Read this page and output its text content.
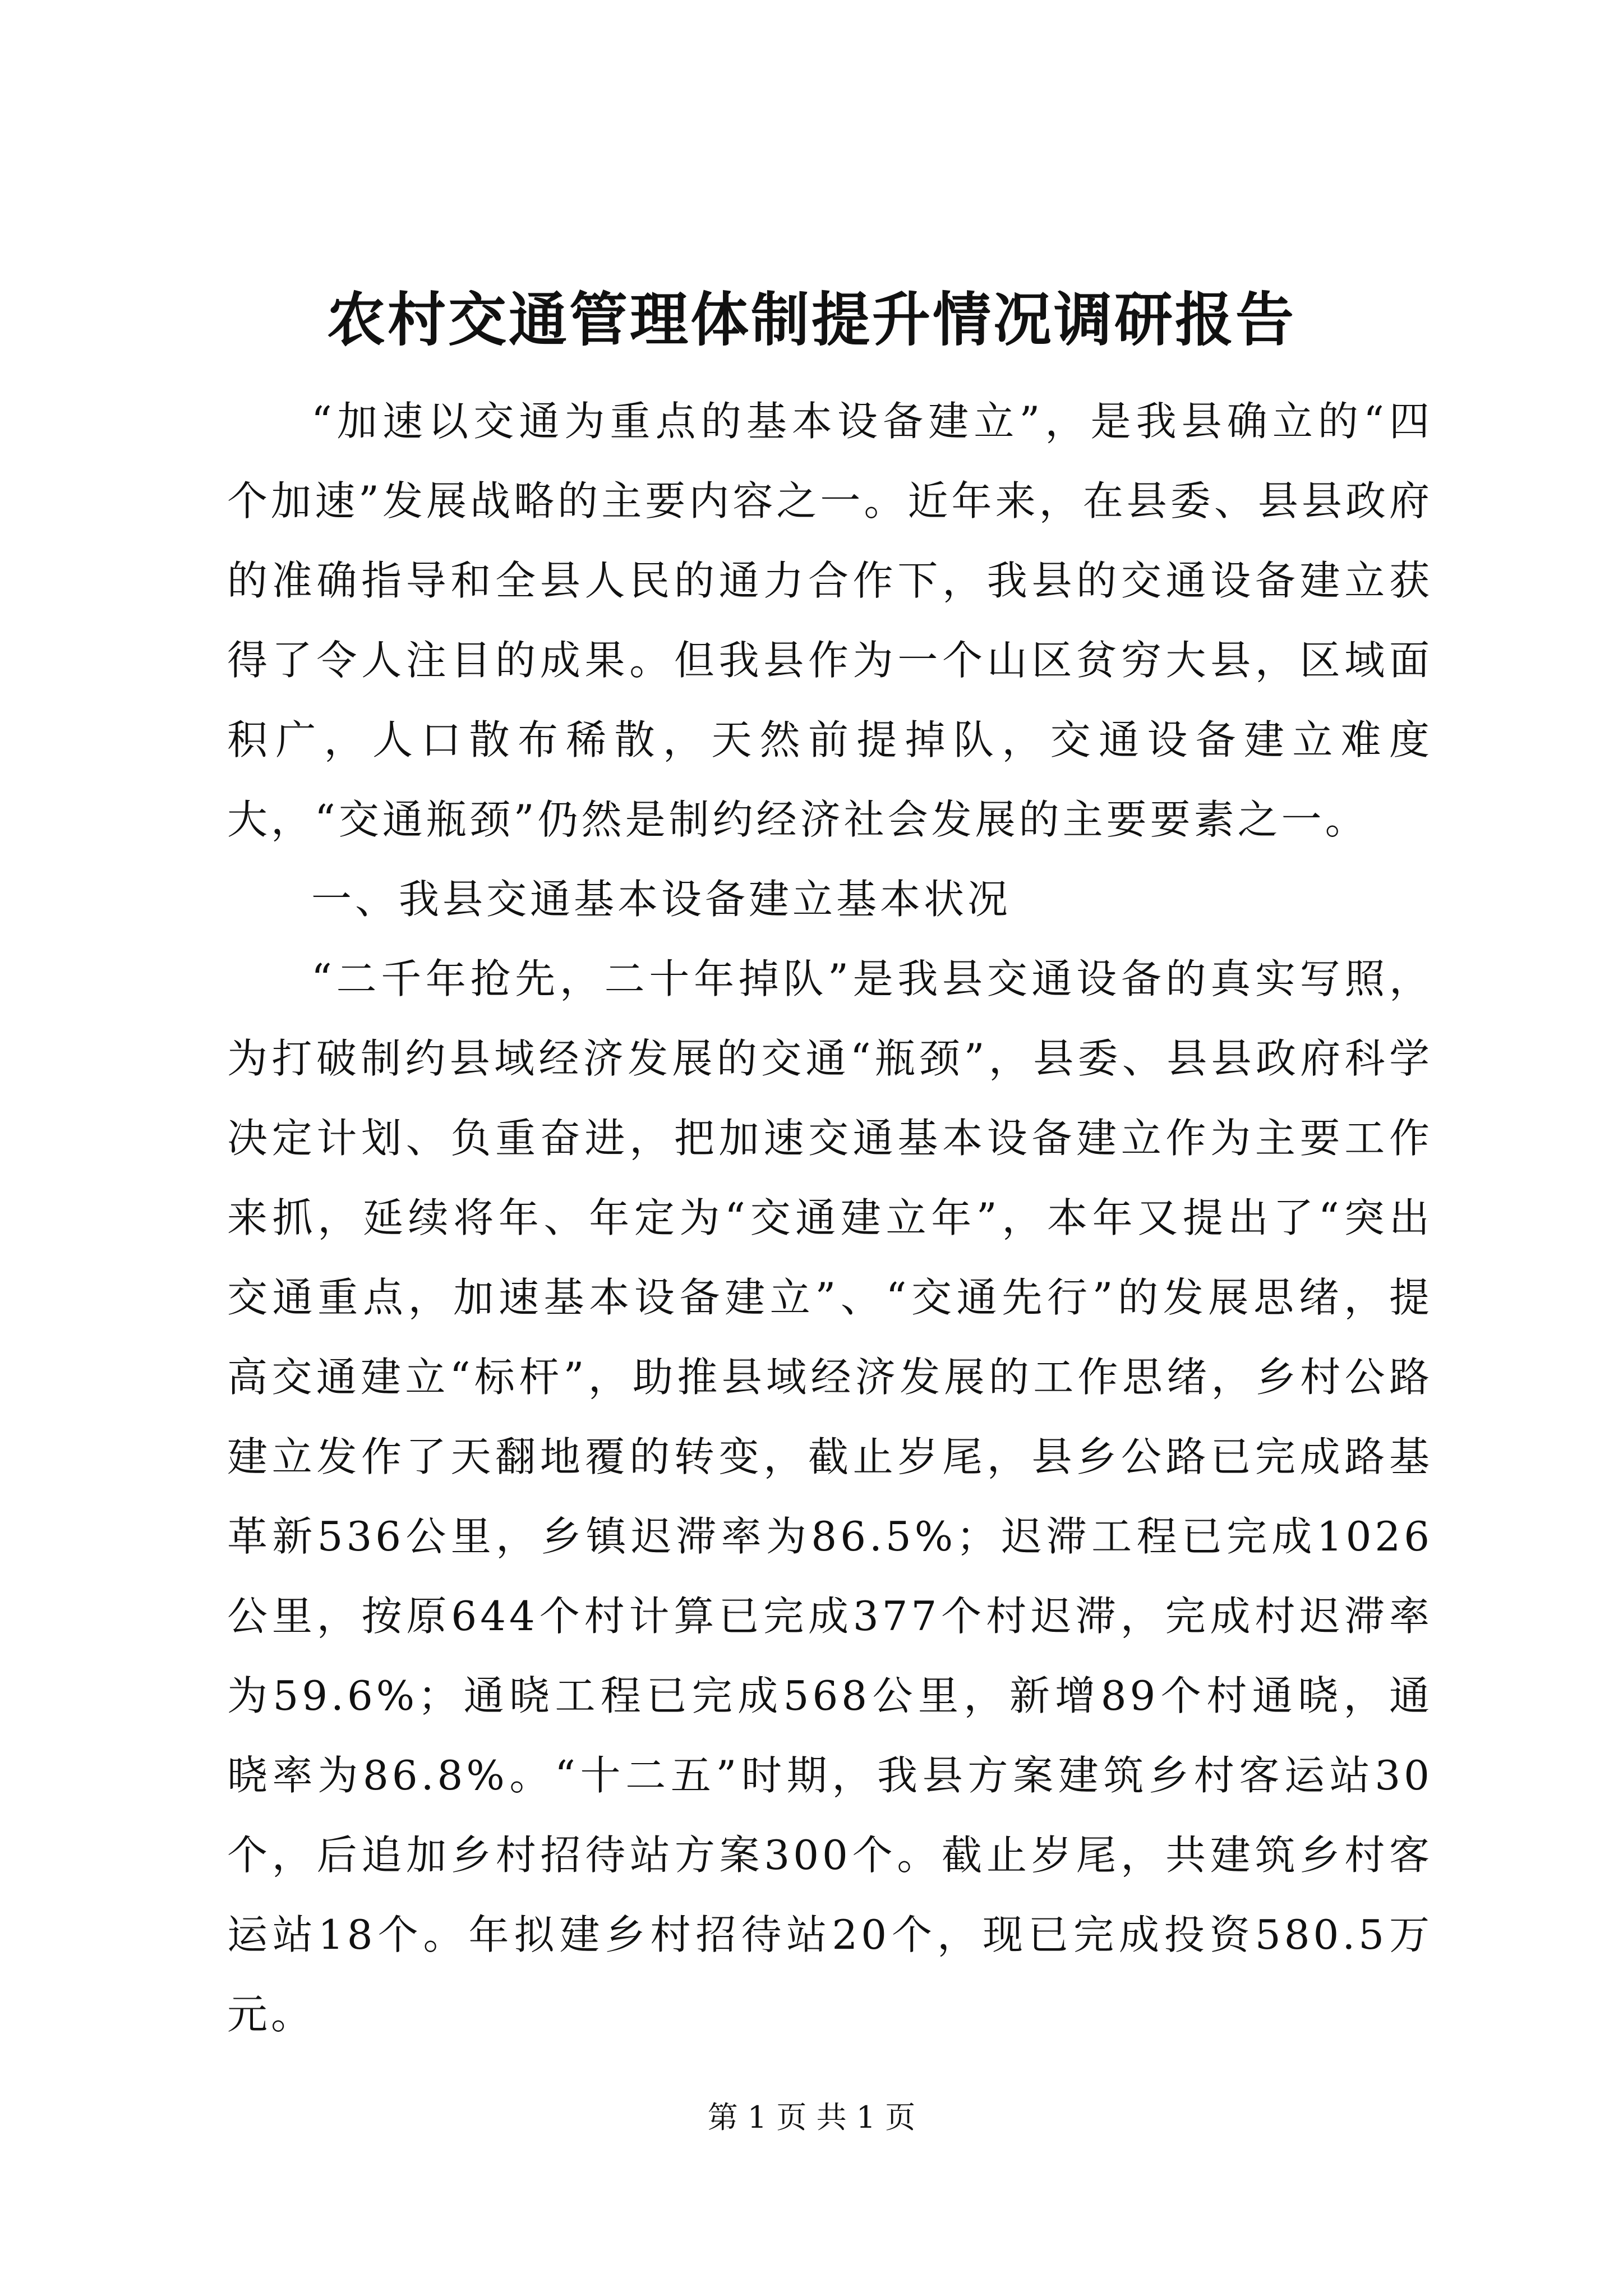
农村交通管理体制提升情况调研报告

“加速以交通为重点的基本设备建立”，是我县确立的“四个加速”发展战略的主要内容之一。近年来，在县委、县县政府的准确指导和全县人民的通力合作下，我县的交通设备建立获得了令人注目的成果。但我县作为一个山区贫穷大县，区域面积广，人口散布稀散，天然前提掉队，交通设备建立难度大，“交通瓶颈”仍然是制约经济社会发展的主要要素之一。

一、我县交通基本设备建立基本状况

“二千年抢先，二十年掉队”是我县交通设备的真实写照，为打破制约县域经济发展的交通“瓶颈”，县委、县县政府科学决定计划、负重奋进，把加速交通基本设备建立作为主要工作来抓，延续将年、年定为“交通建立年”，本年又提出了“突出交通重点，加速基本设备建立”、“交通先行”的发展思绪，提高交通建立“标杆”，助推县域经济发展的工作思绪，乡村公路建立发作了天翻地覆的转变，截止岁尾，县乡公路已完成路基革新536公里，乡镇迟滞率为86.5%；迟滞工程已完成1026公里，按原644个村计算已完成377个村迟滞，完成村迟滞率为59.6%；通晓工程已完成568公里，新增89个村通晓，通晓率为86.8%。“十二五”时期，我县方案建筑乡村客运站30个，后追加乡村招待站方案300个。截止岁尾，共建筑乡村客运站18个。年拟建乡村招待站20个，现已完成投资580.5万元。

第 1 页 共 1 页
